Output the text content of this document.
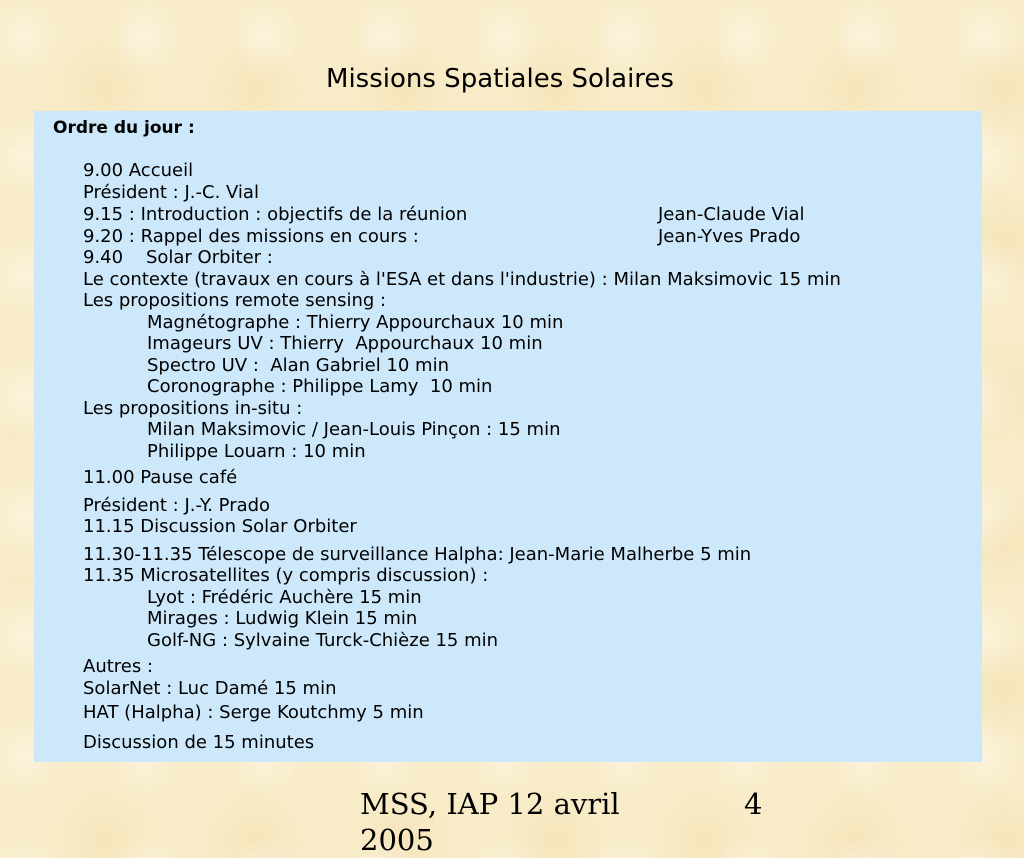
Missions Spatiales Solaires
Ordre du jour :
9.00 Accueil
Président : J.-C. Vial
9.15 : Introduction : objectifs de la réunion	Jean-Claude Vial
9.20 : Rappel des missions en cours :	Jean-Yves Prado
9.40    Solar Orbiter :
Le contexte (travaux en cours à l'ESA et dans l'industrie) : Milan Maksimovic 15 min
Les propositions remote sensing :
Magnétographe : Thierry Appourchaux 10 min
Imageurs UV : Thierry  Appourchaux 10 min
Spectro UV :  Alan Gabriel 10 min
Coronographe : Philippe Lamy  10 min
Les propositions in-situ :
Milan Maksimovic / Jean-Louis Pinçon : 15 min
Philippe Louarn : 10 min
11.00 Pause café
Président : J.-Y. Prado
11.15 Discussion Solar Orbiter
11.30-11.35 Télescope de surveillance Halpha: Jean-Marie Malherbe 5 min
11.35 Microsatellites (y compris discussion) :
Lyot : Frédéric Auchère 15 min
Mirages : Ludwig Klein 15 min
Golf-NG : Sylvaine Turck-Chièze 15 min
Autres :
SolarNet : Luc Damé 15 min
HAT (Halpha) : Serge Koutchmy 5 min
Discussion de 15 minutes
MSS, IAP 12 avril
2005
4
